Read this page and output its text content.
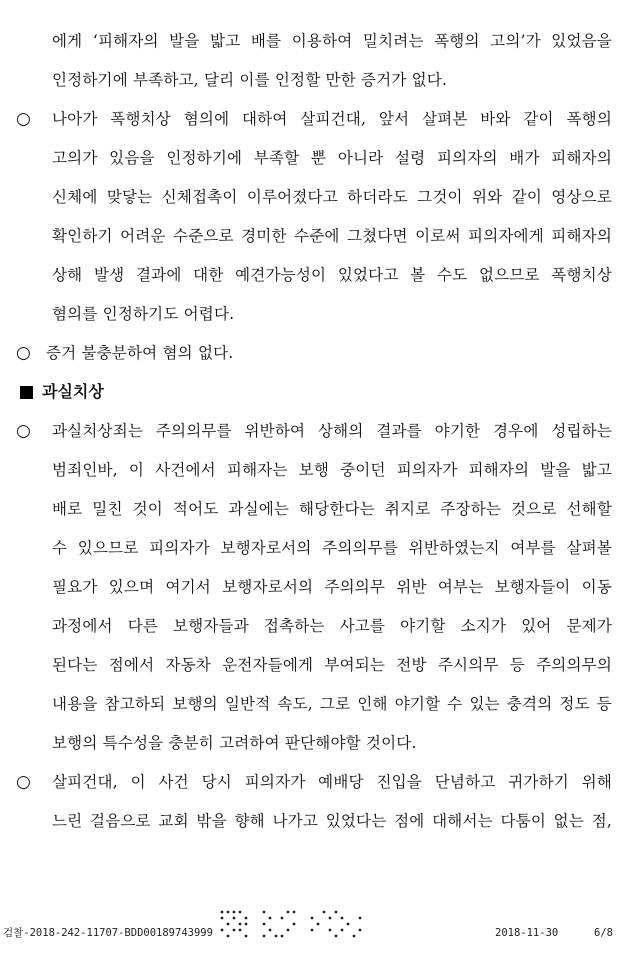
에게 ‘피해자의 발을 밟고 배를 이용하여 밀치려는 폭행의 고의’가 있었음을
인정하기에 부족하고, 달리 이를 인정할 만한 증거가 없다.
○ 나아가 폭행치상 혐의에 대하여 살피건대, 앞서 살펴본 바와 같이 폭행의
고의가 있음을 인정하기에 부족할 뿐 아니라 설령 피의자의 배가 피해자의
신체에 맞닿는 신체접촉이 이루어졌다고 하더라도 그것이 위와 같이 영상으로
확인하기 어려운 수준으로 경미한 수준에 그쳤다면 이로써 피의자에게 피해자의
상해 발생 결과에 대한 예견가능성이 있었다고 볼 수도 없으므로 폭행치상
혐의를 인정하기도 어렵다.
○ 증거 불충분하여 혐의 없다.
과실치상
○ 과실치상죄는 주의의무를 위반하여 상해의 결과를 야기한 경우에 성립하는
범죄인바, 이 사건에서 피해자는 보행 중이던 피의자가 피해자의 발을 밟고
배로 밀친 것이 적어도 과실에는 해당한다는 취지로 주장하는 것으로 선해할
수 있으므로 피의자가 보행자로서의 주의의무를 위반하였는지 여부를 살펴볼
필요가 있으며 여기서 보행자로서의 주의의무 위반 여부는 보행자들이 이동
과정에서 다른 보행자들과 접촉하는 사고를 야기할 소지가 있어 문제가
된다는 점에서 자동차 운전자들에게 부여되는 전방 주시의무 등 주의의무의
내용을 참고하되 보행의 일반적 속도, 그로 인해 야기할 수 있는 충격의 정도 등
보행의 특수성을 충분히 고려하여 판단해야할 것이다.
○ 살피건대, 이 사건 당시 피의자가 예배당 진입을 단념하고 귀가하기 위해
느린 걸음으로 교회 밖을 향해 나가고 있었다는 점에 대해서는 다툼이 없는 점,
검찰-2018-242-11707-BDD00189743999	2018-11-30	6/8
